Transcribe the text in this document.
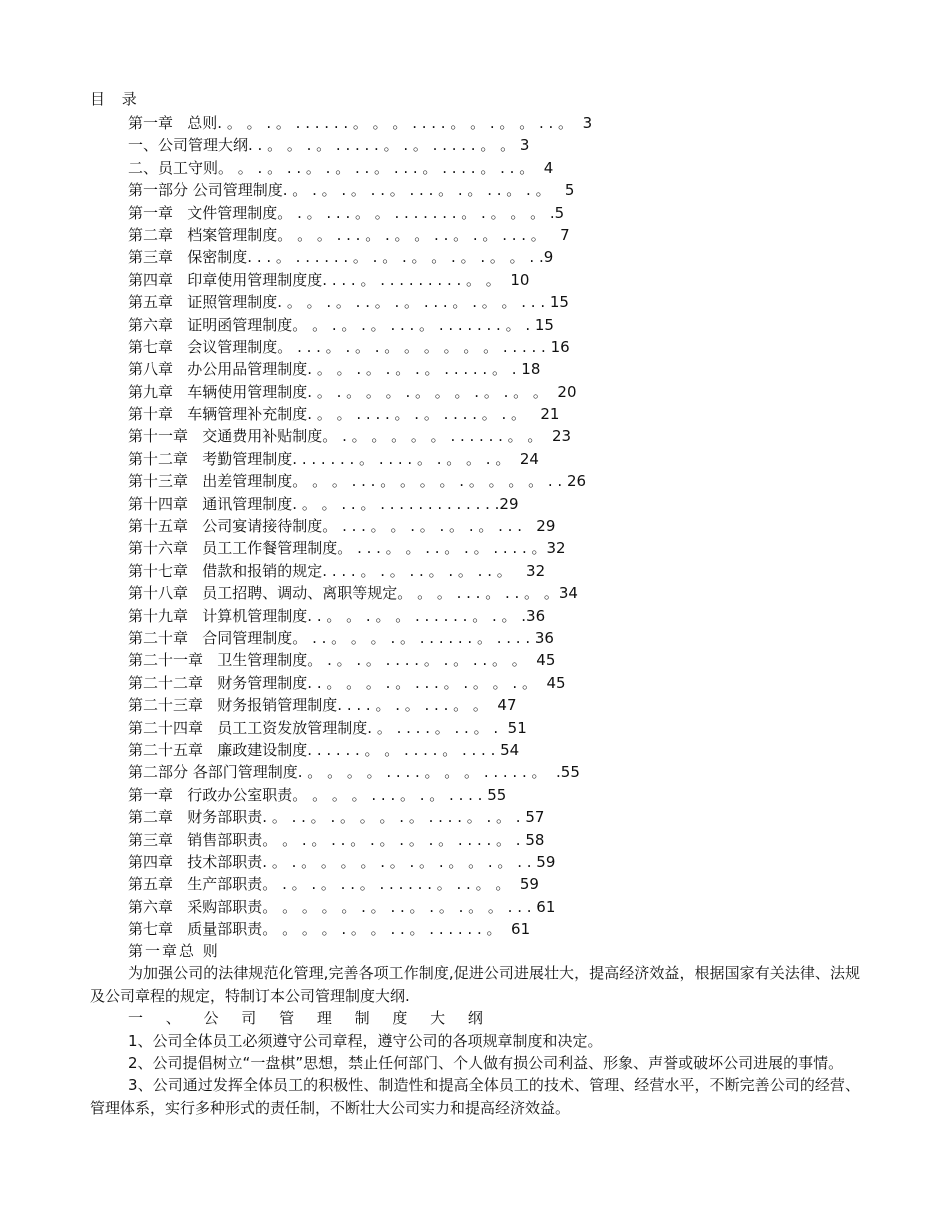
目 录
第一章   总则. 。 。 . 。 . . . . . . 。 。 。 . . . . 。 。 . 。 。 . . 。  3
一、公司管理大纲. . 。 。 . 。 . . . . . 。 . 。 . . . . . 。 。 3
二、员工守则。 。 . 。 . . 。 . 。 . . 。 . . . 。 . . . . 。 . . 。  4
第一部分 公司管理制度. 。 . 。 . 。 . . 。 . . . 。 . 。 . . 。 . 。   5
第一章   文件管理制度。 . 。 . . . 。 。 . . . . . . . 。 . 。 。 。 .5
第二章   档案管理制度。 。 。 . . . 。 . 。 。 . . 。 . 。 . . . 。   7
第三章   保密制度. . . 。 . . . . . . 。 . 。 . 。 。 . 。 . 。 。 . .9
第四章   印章使用管理制度度. . . . 。 . . . . . . . . . 。 。  10
第五章   证照管理制度. 。 。 . 。 . . 。 . 。 . . . 。 . 。 。 . . . 15
第六章   证明函管理制度。 。 . 。 . 。 . . . 。 . . . . . . . 。 . 15
第七章   会议管理制度。 . . . 。 . 。 . 。 。 。 。 。 。 . . . . . 16
第八章   办公用品管理制度. 。 。 . 。 . 。 . 。 . . . . . 。 . 18
第九章   车辆使用管理制度. 。 . 。 。 。 . 。 。 。 . 。 . 。 。  20
第十章   车辆管理补充制度. 。 。 . . . . 。 . 。 . . . . 。 . 。   21
第十一章   交通费用补贴制度。 . 。 。 。 。 。 . . . . . . 。 。  23
第十二章   考勤管理制度. . . . . . . 。 . . . . 。 . 。 。 . 。  24
第十三章   出差管理制度。 。 。 . . . 。 。 。 。 . 。 。 。 。 . . 26
第十四章   通讯管理制度. 。 。 . . 。 . . . . . . . . . . . . .29
第十五章   公司宴请接待制度。 . . . 。 。 . 。 . 。 . 。 . . .   29
第十六章   员工工作餐管理制度。 . . . 。 。 . . 。 . 。 . . . . 。32
第十七章   借款和报销的规定. . . . 。 . 。 . . 。 . 。 . . 。   32
第十八章   员工招聘、调动、离职等规定。 。 。 . . . 。 . . 。 。34
第十九章   计算机管理制度. . 。 。 . 。 。 . . . . . . 。 . 。 .36
第二十章   合同管理制度。 . . 。 。 。 . 。 . . . . . . 。 . . . . 36
第二十一章   卫生管理制度。 . 。 . 。 . . . . 。 . 。 . . 。 。  45
第二十二章   财务管理制度. . 。 。 。 . 。 . . . 。 . 。 。 . 。  45
第二十三章   财务报销管理制度. . . . 。 . 。 . . . 。 。  47
第二十四章   员工工资发放管理制度. 。 . . . . 。 . . 。 .  51
第二十五章   廉政建设制度. . . . . . 。 。 . . . . 。 . . . . 54
第二部分 各部门管理制度. 。 。 。 。 . . . . 。 。 。 . . . . . 。  .55
第一章   行政办公室职责。 。 。 。 . . . 。 . 。 . . . . 55
第二章   财务部职责. 。 . . 。 . 。 。 。 . 。 . . . . 。 . 。 . 57
第三章   销售部职责。 。 . 。 . . 。 . 。 . 。 . 。 . . . . 。 . 58
第四章   技术部职责. 。 . 。 。 。 。 . 。 . 。 . 。 。 . 。 . . 59
第五章   生产部职责。 . 。 . 。 . . 。 . . . . . . 。 . . 。 。  59
第六章   采购部职责。 。 。 。 。 . 。 . . 。 . 。 . 。 。 . . . 61
第七章   质量部职责。 。 。 。 . 。 。 . . 。 . . . . . . 。  61
第一章总 则
为加强公司的法律规范化管理,完善各项工作制度,促进公司进展壮大，提高经济效益，根据国家有关法律、法规及公司章程的规定，特制订本公司管理制度大纲.
一 、 公 司 管 理 制 度 大 纲
1、公司全体员工必须遵守公司章程，遵守公司的各项规章制度和决定。
2、公司提倡树立“一盘棋”思想，禁止任何部门、个人做有损公司利益、形象、声誉或破坏公司进展的事情。
3、公司通过发挥全体员工的积极性、制造性和提高全体员工的技术、管理、经营水平，不断完善公司的经营、管理体系，实行多种形式的责任制，不断壮大公司实力和提高经济效益。
